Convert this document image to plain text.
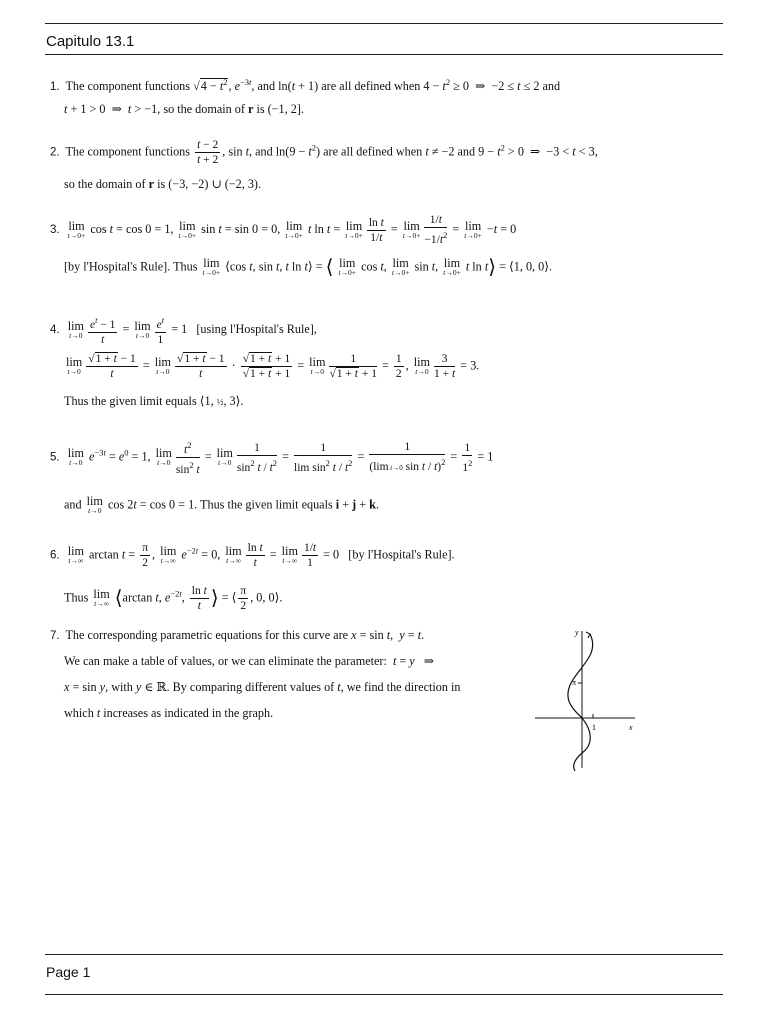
Capitulo 13.1
1.  The component functions $√4 - t^2$, $e^{-3t}$, and ln(t + 1) are all defined when $4 - t^2 \ge 0$  ⇒  −2 ≤ t ≤ 2 and
t + 1 > 0  ⇒  t > −1, so the domain of r is (−1, 2].
2.  The component functions $\frac{t - 2}{t + 2}$ , sin t, and $\ln(9 - t^2)$ are all defined when t ≠ −2 and $9 - t^2 > 0$  ⇒  −3 < t < 3,
so the domain of r is (−3, −2) ∪ (−2, 3).
3. lim
t→0+ cos t = cos 0 = 1, lim
t→0+ sin t = sin 0 = 0, lim
t→0+ t ln t = lim
$t\to 0+ \frac{\text{ln t}}{1/t} = \lim$
$t\to 0+ \frac{1/t}{-1/t^2} = \lim$
t→0+ −t = 0
[by l'Hospital's Rule]. Thus lim
t→0+ ⟨cos t, sin t, t ln t⟩ = ⟨ lim
t→0+ cos t, lim
t→0+ sin t, lim
t→0+ t ln t⟩ = ⟨1, 0, 0⟩.
4. lim
$t\to 0 \frac{e^t - 1}{t} = \lim$
$t\to 0 \frac{e^t}{1} = 1$   [using l'Hospital's Rule],
lim
$t\to 0 \frac{√1 + t - 1}{t} = \lim$
$t\to 0 \frac{√1 + t - 1}{t} \cdot \frac{√1 + t + 1}{√1 + t + 1} = \lim$
$t\to 0 \frac{1}{√1 + t + 1} = \frac{1}{2}$ , lim
$t\to 0 \frac{3}{1 + t} = 3$.
Thus the given limit equals ⟨1, ½, 3⟩.
5. lim
t→0 $e^{-3t} = e^0 = 1$, lim
$t\to 0 \frac{t^2}{\sin^2 t} = \lim$
$t\to 0 \frac{1}{\sin^2 t / t^2} = \frac{1}{\lim \sin^2 t / t^2} = \frac{1}{(\lim t\to 0 \sin t / t)^2} = \frac{1}{1^2} = 1$
and lim
t→0 cos 2t = cos 0 = 1. Thus the given limit equals i + j + k.
6. lim
t→∞ $\arctan t = \frac{\pi}{2}$ , lim
t→∞ $e^{-2t} = 0$, lim
$t\to\infty \frac{\text{ln t}}{t} = \lim$
$t\to\infty \frac{1/t}{1} = 0$   [by l'Hospital's Rule].
Thus lim
t→∞ ⟨arctan t, $e^{-2t}$, $\frac{\text{ln t}}{t}$ ⟩ = ⟨ $\frac{\pi}{2}$ , 0, 0⟩.
7.  The corresponding parametric equations for this curve are x = sin t,  y = t.
We can make a table of values, or we can eliminate the parameter:  t = y   ⇒
x = sin y, with y ∈ ℝ. By comparing different values of t, we find the direction in
which t increases as indicated in the graph.
y
π
1	x
Page 1
